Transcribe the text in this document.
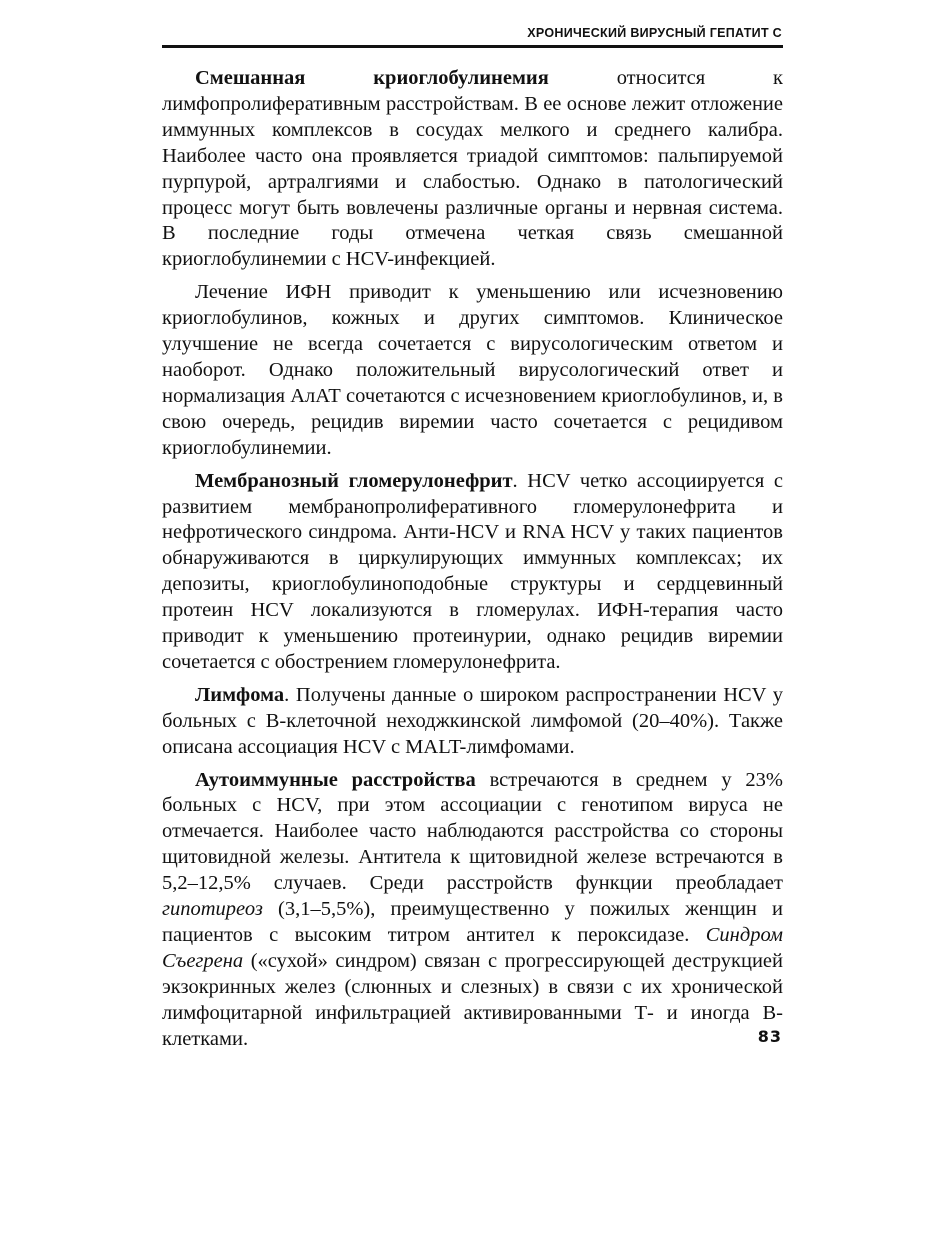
ХРОНИЧЕСКИЙ ВИРУСНЫЙ ГЕПАТИТ С

Смешанная криоглобулинемия относится к лимфопролиферативным расстройствам. В ее основе лежит отложение иммунных комплексов в сосудах мелкого и среднего калибра. Наиболее часто она проявляется триадой симптомов: пальпируемой пурпурой, артралгиями и слабостью. Однако в патологический процесс могут быть вовлечены различные органы и нервная система. В последние годы отмечена четкая связь смешанной криоглобулинемии с HCV-инфекцией.

Лечение ИФН приводит к уменьшению или исчезновению криоглобулинов, кожных и других симптомов. Клиническое улучшение не всегда сочетается с вирусологическим ответом и наоборот. Однако положительный вирусологический ответ и нормализация АлАТ сочетаются с исчезновением криоглобулинов, и, в свою очередь, рецидив виремии часто сочетается с рецидивом криоглобулинемии.

Мембранозный гломерулонефрит. HCV четко ассоциируется с развитием мембранопролиферативного гломерулонефрита и нефротического синдрома. Анти-HCV и RNA HCV у таких пациентов обнаруживаются в циркулирующих иммунных комплексах; их депозиты, криоглобулиноподобные структуры и сердцевинный протеин HCV локализуются в гломерулах. ИФН-терапия часто приводит к уменьшению протеинурии, однако рецидив виремии сочетается с обострением гломерулонефрита.

Лимфома. Получены данные о широком распространении HCV у больных с В-клеточной неходжкинской лимфомой (20–40%). Также описана ассоциация HCV с MALT-лимфомами.

Аутоиммунные расстройства встречаются в среднем у 23% больных с HCV, при этом ассоциации с генотипом вируса не отмечается. Наиболее часто наблюдаются расстройства со стороны щитовидной железы. Антитела к щитовидной железе встречаются в 5,2–12,5% случаев. Среди расстройств функции преобладает гипотиреоз (3,1–5,5%), преимущественно у пожилых женщин и пациентов с высоким титром антител к пероксидазе. Синдром Съегрена («сухой» синдром) связан с прогрессирующей деструкцией экзокринных желез (слюнных и слезных) в связи с их хронической лимфоцитарной инфильтрацией активированными Т- и иногда В-клетками.	83
